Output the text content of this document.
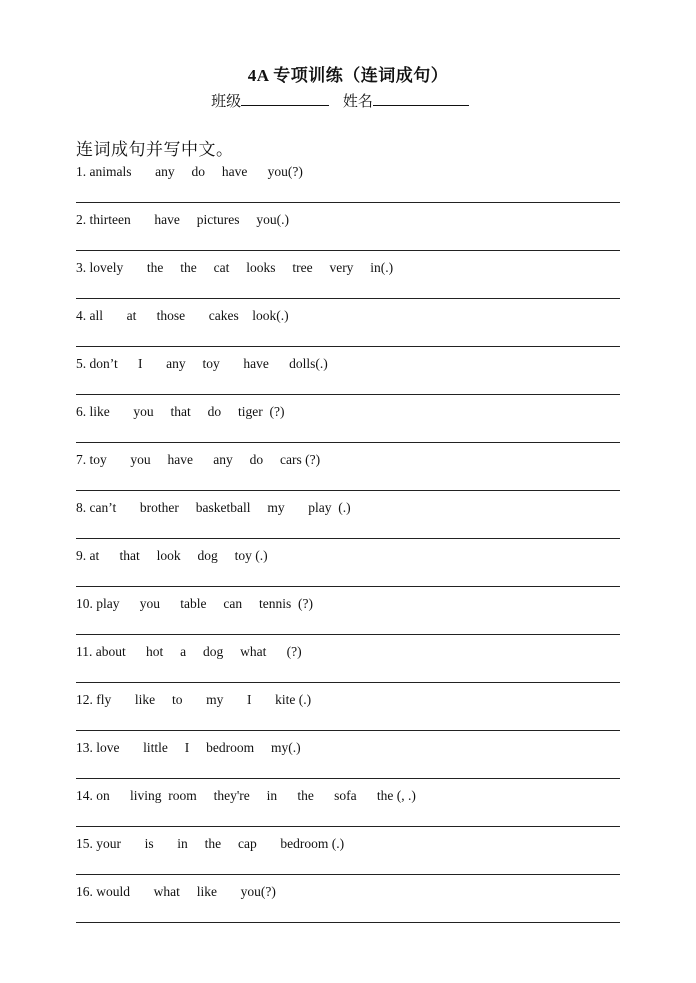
4A 专项训练（连词成句）
班级	姓名
连词成句并写中文。
1. animals       any     do     have      you(?)
2. thirteen       have     pictures     you(.)
3. lovely       the     the     cat     looks     tree     very     in(.)
4. all       at      those       cakes    look(.)
5. don’t      I       any     toy       have      dolls(.)
6. like       you     that     do     tiger  (?)
7. toy       you     have      any     do     cars (?)
8. can’t       brother     basketball     my       play  (.)
9. at      that     look     dog     toy (.)
10. play      you      table     can     tennis  (?)
11. about      hot     a     dog     what      (?)
12. fly       like     to       my       I       kite (.)
13. love       little     I     bedroom     my(.)
14. on      living  room     they're     in      the      sofa      the (, .)
15. your       is       in     the     cap       bedroom (.)
16. would       what     like       you(?)
